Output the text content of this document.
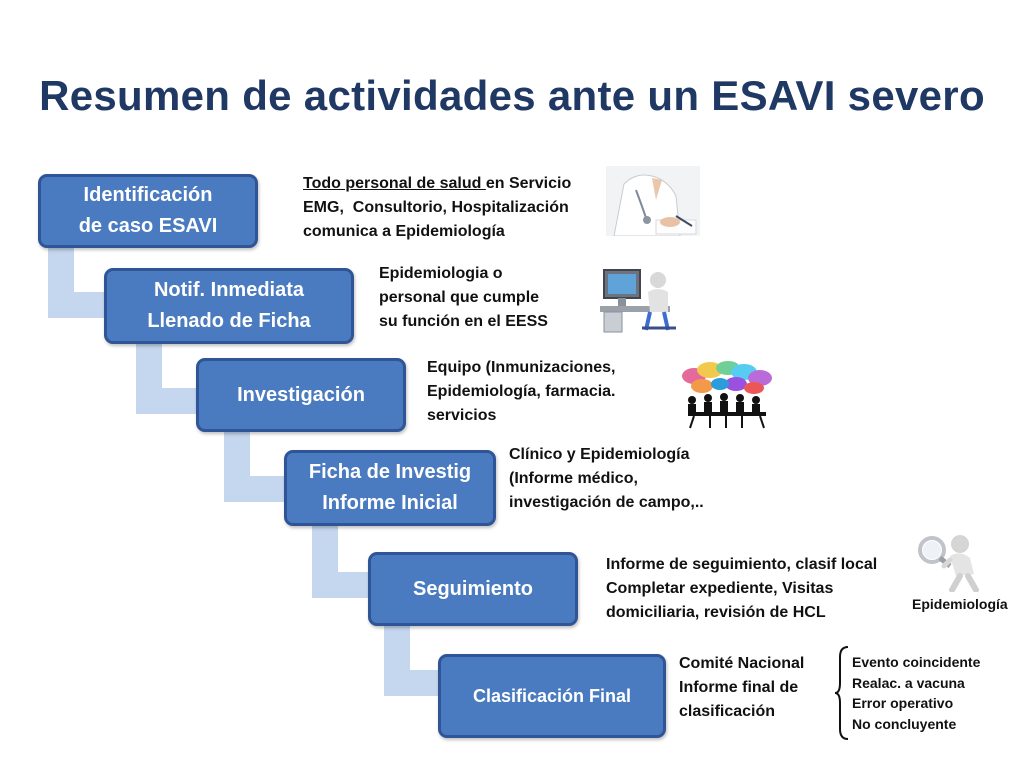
Resumen de actividades ante un ESAVI severo
Identificación
de caso ESAVI
Notif. Inmediata
Llenado de Ficha
Investigación
Ficha de Investig
Informe Inicial
Seguimiento
Clasificación Final
Todo personal de salud en Servicio
EMG,  Consultorio, Hospitalización
comunica a Epidemiología
Epidemiologia o
personal que cumple
su función en el EESS
Equipo (Inmunizaciones,
Epidemiología, farmacia.
servicios
Clínico y Epidemiología
(Informe médico,
investigación de campo,..
Informe de seguimiento, clasif local
Completar expediente, Visitas
domiciliaria, revisión de HCL
Comité Nacional
Informe final de
clasificación
Evento coincidente
Realac. a vacuna
Error operativo
No concluyente
Epidemiología
